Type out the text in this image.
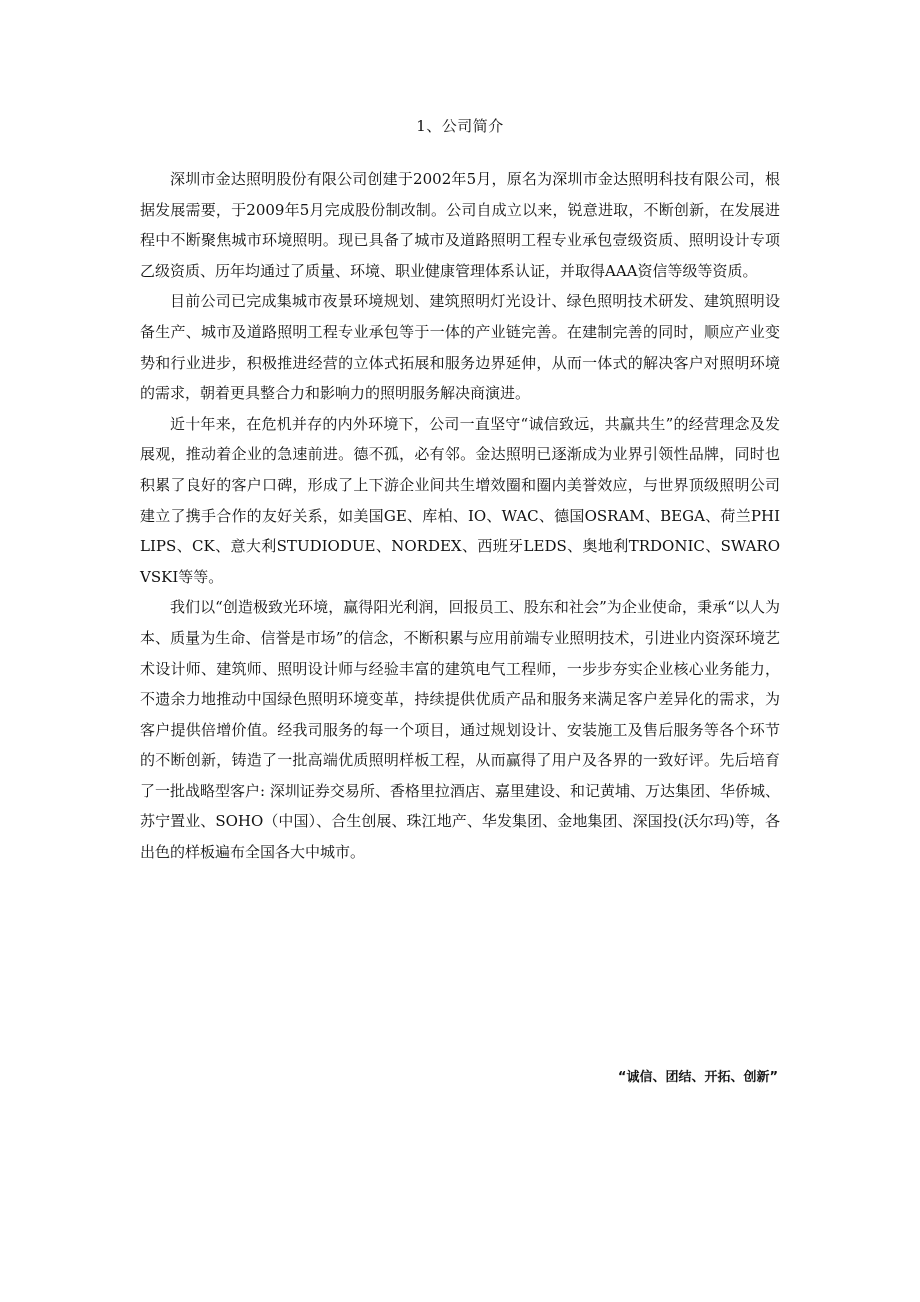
1、公司简介

深圳市金达照明股份有限公司创建于2002年5月，原名为深圳市金达照明科技有限公司，根据发展需要，于2009年5月完成股份制改制。公司自成立以来，锐意进取，不断创新，在发展进程中不断聚焦城市环境照明。现已具备了城市及道路照明工程专业承包壹级资质、照明设计专项乙级资质、历年均通过了质量、环境、职业健康管理体系认证，并取得AAA资信等级等资质。

目前公司已完成集城市夜景环境规划、建筑照明灯光设计、绿色照明技术研发、建筑照明设备生产、城市及道路照明工程专业承包等于一体的产业链完善。在建制完善的同时，顺应产业变势和行业进步，积极推进经营的立体式拓展和服务边界延伸，从而一体式的解决客户对照明环境的需求，朝着更具整合力和影响力的照明服务解决商演进。

近十年来，在危机并存的内外环境下，公司一直坚守“诚信致远，共赢共生”的经营理念及发展观，推动着企业的急速前进。德不孤，必有邻。金达照明已逐渐成为业界引领性品牌，同时也积累了良好的客户口碑，形成了上下游企业间共生增效圈和圈内美誉效应，与世界顶级照明公司建立了携手合作的友好关系，如美国GE、库柏、IO、WAC、德国OSRAM、BEGA、荷兰PHILIPS、CK、意大利STUDIODUE、NORDEX、西班牙LEDS、奥地利TRDONIC、SWAROVSKI等等。

我们以“创造极致光环境，赢得阳光利润，回报员工、股东和社会”为企业使命，秉承“以人为本、质量为生命、信誉是市场”的信念，不断积累与应用前端专业照明技术，引进业内资深环境艺术设计师、建筑师、照明设计师与经验丰富的建筑电气工程师，一步步夯实企业核心业务能力，不遗余力地推动中国绿色照明环境变革，持续提供优质产品和服务来满足客户差异化的需求，为客户提供倍增价值。经我司服务的每一个项目，通过规划设计、安装施工及售后服务等各个环节的不断创新，铸造了一批高端优质照明样板工程，从而赢得了用户及各界的一致好评。先后培育了一批战略型客户: 深圳证券交易所、香格里拉酒店、嘉里建设、和记黄埔、万达集团、华侨城、苏宁置业、SOHO（中国）、合生创展、珠江地产、华发集团、金地集团、深国投(沃尔玛)等，各出色的样板遍布全国各大中城市。

“诚信、团结、开拓、创新”
